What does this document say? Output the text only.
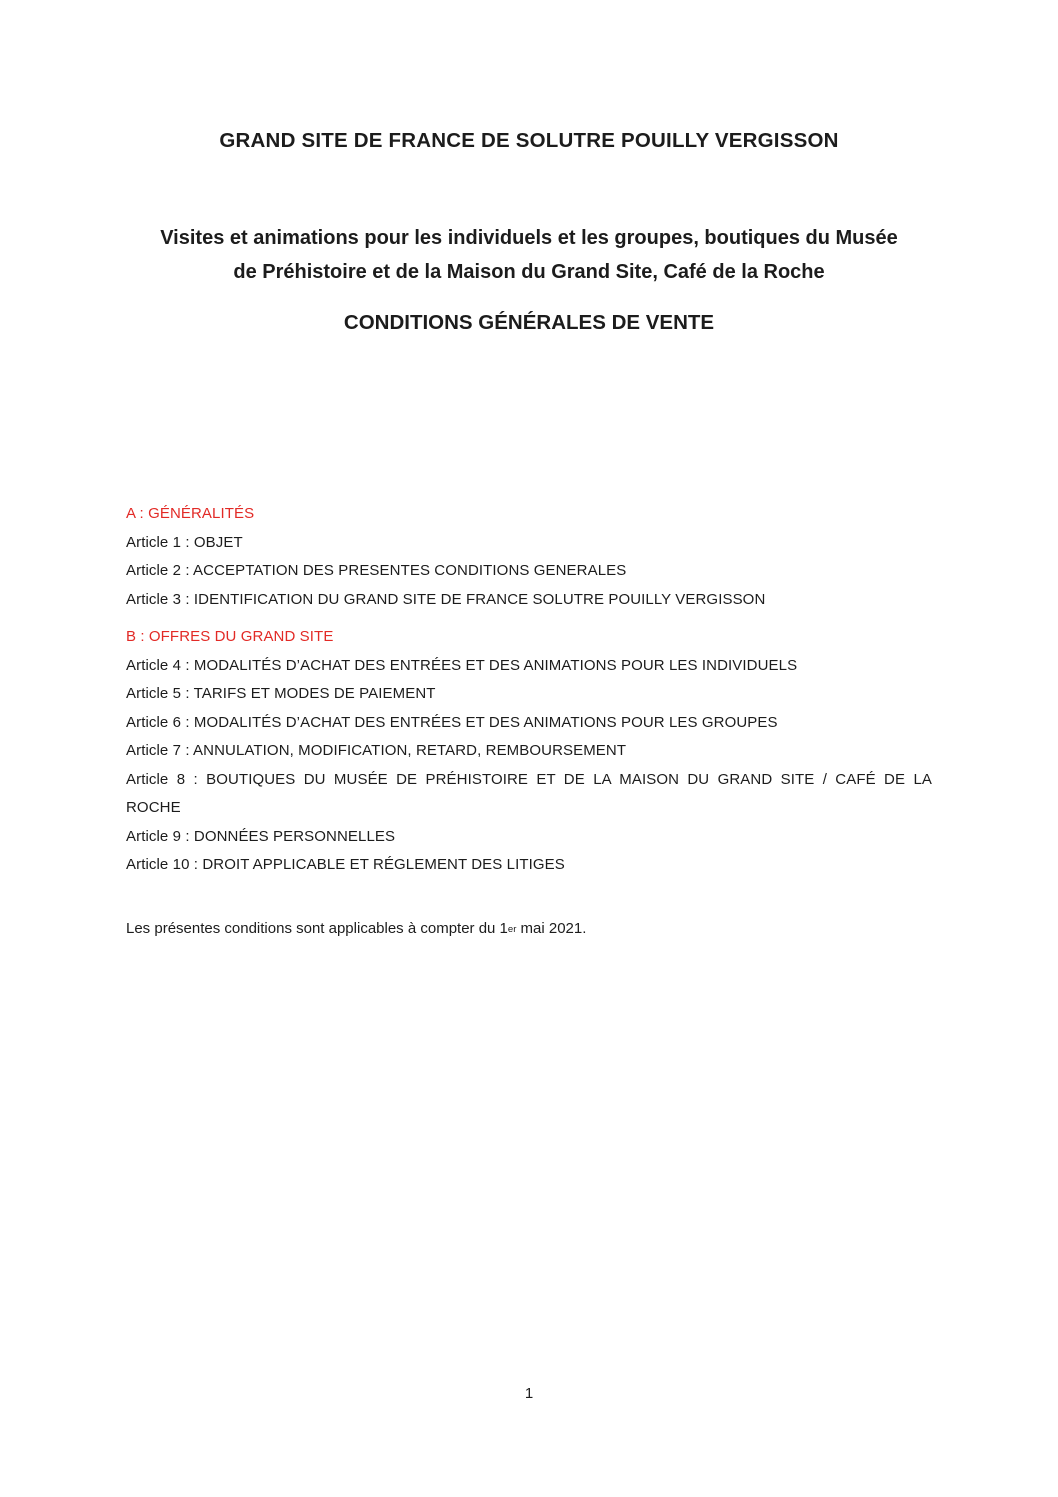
GRAND SITE DE FRANCE DE SOLUTRE POUILLY VERGISSON
Visites et animations pour les individuels et les groupes, boutiques du Musée
de Préhistoire et de la Maison du Grand Site, Café de la Roche
CONDITIONS GÉNÉRALES DE VENTE
A : GÉNÉRALITÉS
Article 1 : OBJET
Article 2 : ACCEPTATION DES PRESENTES CONDITIONS GENERALES
Article 3 : IDENTIFICATION DU GRAND SITE DE FRANCE SOLUTRE POUILLY VERGISSON
B : OFFRES DU GRAND SITE
Article 4 : MODALITÉS D’ACHAT DES ENTRÉES ET DES ANIMATIONS POUR LES INDIVIDUELS
Article 5 : TARIFS ET MODES DE PAIEMENT
Article 6 : MODALITÉS D’ACHAT DES ENTRÉES ET DES ANIMATIONS POUR LES GROUPES
Article 7 : ANNULATION, MODIFICATION, RETARD, REMBOURSEMENT
Article 8 : BOUTIQUES DU MUSÉE DE PRÉHISTOIRE ET DE LA MAISON DU GRAND SITE / CAFÉ DE LA
ROCHE
Article 9 : DONNÉES PERSONNELLES
Article 10 : DROIT APPLICABLE ET RÉGLEMENT DES LITIGES
Les présentes conditions sont applicables à compter du 1er mai 2021.
1
